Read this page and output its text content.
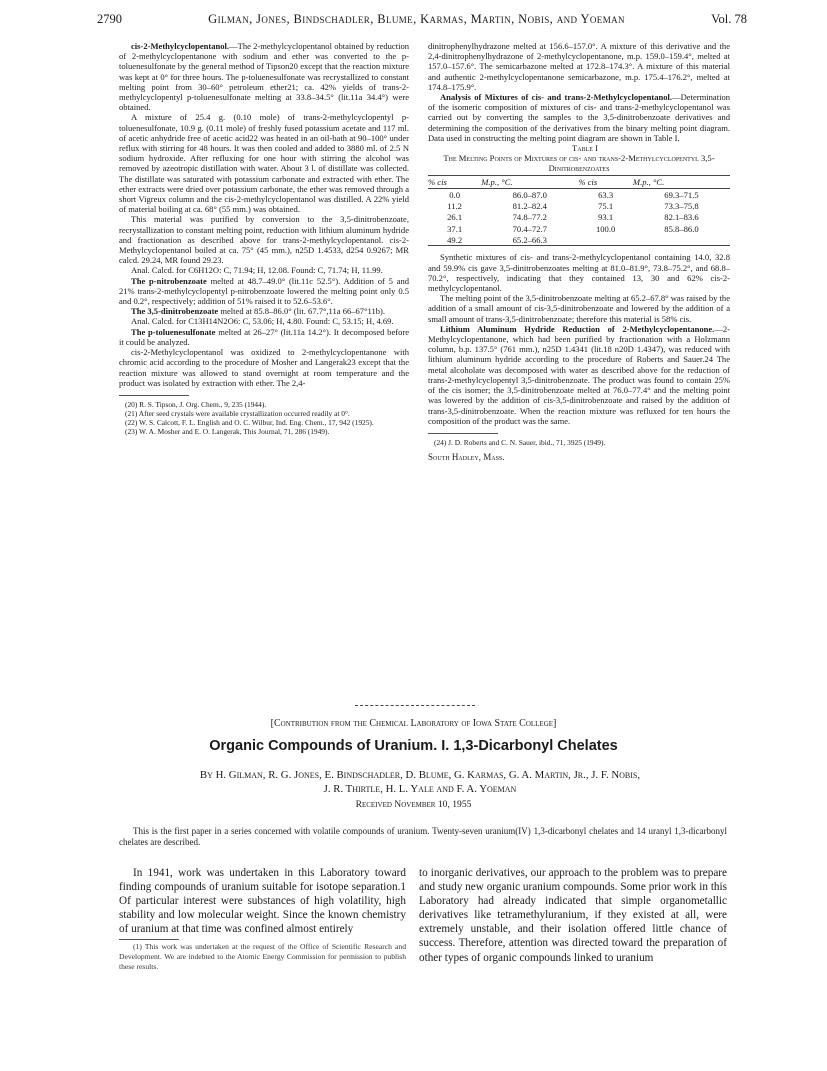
2790	Gilman, Jones, Bindschadler, Blume, Karmas, Martin, Nobis, and Yoeman	Vol. 78

cis-2-Methylcyclopentanol.—The 2-methylcyclopentanol obtained by reduction of 2-methylcyclopentanone with sodium and ether was converted to the p-toluenesulfonate by the general method of Tipson20 except that the reaction mixture was kept at 0° for three hours. The p-toluenesulfonate was recrystallized to constant melting point from 30–60° petroleum ether21; ca. 42% yields of trans-2-methylcyclopentyl p-toluenesulfonate melting at 33.8–34.5° (lit.11a 34.4°) were obtained.

A mixture of 25.4 g. (0.10 mole) of trans-2-methylcyclopentyl p-toluenesulfonate, 10.9 g. (0.11 mole) of freshly fused potassium acetate and 117 ml. of acetic anhydride free of acetic acid22 was heated in an oil-bath at 90–100° under reflux with stirring for 48 hours. It was then cooled and added to 3880 ml. of 2.5 N sodium hydroxide. After refluxing for one hour with stirring the alcohol was removed by azeotropic distillation with water. About 3 l. of distillate was collected. The distillate was saturated with potassium carbonate and extracted with ether. The ether extracts were dried over potassium carbonate, the ether was removed through a short Vigreux column and the cis-2-methylcyclopentanol was distilled. A 22% yield of material boiling at ca. 68° (55 mm.) was obtained.

This material was purified by conversion to the 3,5-dinitrobenzoate, recrystallization to constant melting point, reduction with lithium aluminum hydride and fractionation as described above for trans-2-methylcyclopentanol. cis-2-Methylcyclopentanol boiled at ca. 75° (45 mm.), n25D 1.4533, d254 0.9267; MR calcd. 29.24, MR found 29.23.

Anal. Calcd. for C6H12O: C, 71.94; H, 12.08. Found: C, 71.74; H, 11.99.

The p-nitrobenzoate melted at 48.7–49.0° (lit.11c 52.5°). Addition of 5 and 21% trans-2-methylcyclopentyl p-nitrobenzoate lowered the melting point only 0.5 and 0.2°, respectively; addition of 51% raised it to 52.6–53.6°.

The 3,5-dinitrobenzoate melted at 85.8–86.0° (lit. 67.7°,11a 66–67°11b).

Anal. Calcd. for C13H14N2O6: C, 53.06; H, 4.80. Found: C, 53.15; H, 4.69.

The p-toluenesulfonate melted at 26–27° (lit.11a 14.2°). It decomposed before it could be analyzed.

cis-2-Methylcyclopentanol was oxidized to 2-methylcyclopentanone with chromic acid according to the procedure of Mosher and Langerak23 except that the reaction mixture was allowed to stand overnight at room temperature and the product was isolated by extraction with ether. The 2,4-

(20) R. S. Tipson, J. Org. Chem., 9, 235 (1944).

(21) After seed crystals were available crystallization occurred readily at 0°.

(22) W. S. Calcott, F. L. English and O. C. Wilbur, Ind. Eng. Chem., 17, 942 (1925).

(23) W. A. Mosher and E. O. Langerak, This Journal, 71, 286 (1949).

dinitrophenylhydrazone melted at 156.6–157.0°. A mixture of this derivative and the 2,4-dinitrophenylhydrazone of 2-methylcyclopentanone, m.p. 159.0–159.4°, melted at 157.0–157.6°. The semicarbazone melted at 172.8–174.3°. A mixture of this material and authentic 2-methylcyclopentanone semicarbazone, m.p. 175.4–176.2°, melted at 174.8–175.9°.

Analysis of Mixtures of cis- and trans-2-Methylcyclopentanol.—Determination of the isomeric composition of mixtures of cis- and trans-2-methylcyclopentanol was carried out by converting the samples to the 3,5-dinitrobenzoate derivatives and determining the composition of the derivatives from the binary melting point diagram. Data used in constructing the melting point diagram are shown in Table I.

Table I

The Melting Points of Mixtures of cis- and trans-2-Methylcyclopentyl 3,5-Dinitrobenzoates
% cis	M.p., °C.	% cis	M.p., °C.
0.0	86.0–87.0	63.3	69.3–71.5
11.2	81.2–82.4	75.1	73.3–75.8
26.1	74.8–77.2	93.1	82.1–83.6
37.1	70.4–72.7	100.0	85.8–86.0
49.2	65.2–66.3		

Synthetic mixtures of cis- and trans-2-methylcyclopentanol containing 14.0, 32.8 and 59.9% cis gave 3,5-dinitrobenzoates melting at 81.0–81.9°, 73.8–75.2°, and 68.8–70.2°, respectively, indicating that they contained 13, 30 and 62% cis-2-methylcyclopentanol.

The melting point of the 3,5-dinitrobenzoate melting at 65.2–67.8° was raised by the addition of a small amount of cis-3,5-dinitrobenzoate and lowered by the addition of a small amount of trans-3,5-dinitrobenzoate; therefore this material is 58% cis.

Lithium Aluminum Hydride Reduction of 2-Methylcyclopentanone.—2-Methylcyclopentanone, which had been purified by fractionation with a Holzmann column, b.p. 137.5° (761 mm.), n25D 1.4341 (lit.18 n20D 1.4347), was reduced with lithium aluminum hydride according to the procedure of Roberts and Sauer.24 The metal alcoholate was decomposed with water as described above for the reduction of trans-2-methylcyclopentyl 3,5-dinitrobenzoate. The product was found to contain 25% of the cis isomer; the 3,5-dinitrobenzoate melted at 76.0–77.4° and the melting point was lowered by the addition of cis-3,5-dinitrobenzoate and raised by the addition of trans-3,5-dinitrobenzoate. When the reaction mixture was refluxed for ten hours the composition of the product was the same.

(24) J. D. Roberts and C. N. Sauer, ibid., 71, 3925 (1949).

South Hadley, Mass.

[Contribution from the Chemical Laboratory of Iowa State College]
Organic Compounds of Uranium. I. 1,3-Dicarbonyl Chelates
By H. Gilman, R. G. Jones, E. Bindschadler, D. Blume, G. Karmas, G. A. Martin, Jr., J. F. Nobis,
J. R. Thirtle, H. L. Yale and F. A. Yoeman
Received November 10, 1955
This is the first paper in a series concerned with volatile compounds of uranium. Twenty-seven uranium(IV) 1,3-dicarbonyl chelates and 14 uranyl 1,3-dicarbonyl chelates are described.

In 1941, work was undertaken in this Laboratory toward finding compounds of uranium suitable for isotope separation.1 Of particular interest were substances of high volatility, high stability and low molecular weight. Since the known chemistry of uranium at that time was confined almost entirely

(1) This work was undertaken at the request of the Office of Scientific Research and Development. We are indebted to the Atomic Energy Commission for permission to publish these results.

to inorganic derivatives, our approach to the problem was to prepare and study new organic uranium compounds. Some prior work in this Laboratory had already indicated that simple organometallic derivatives like tetramethyluranium, if they existed at all, were extremely unstable, and their isolation offered little chance of success. Therefore, attention was directed toward the preparation of other types of organic compounds linked to uranium
